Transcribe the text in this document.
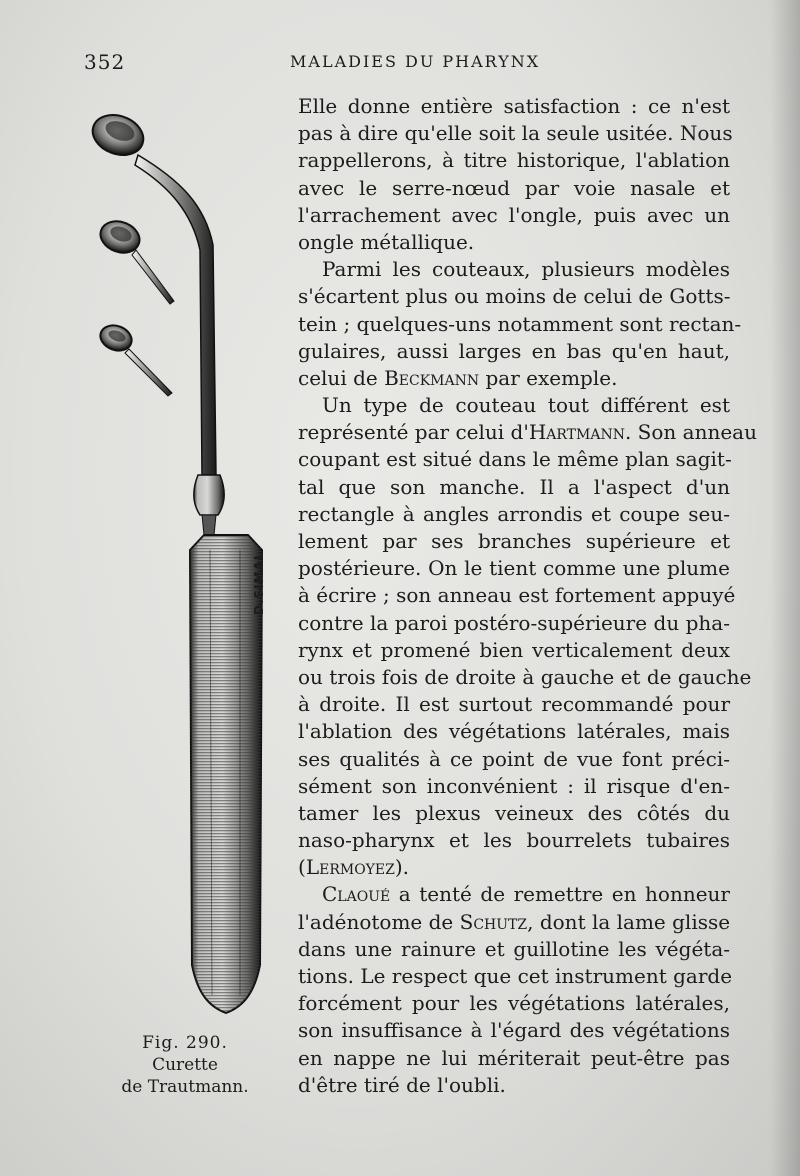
352	MALADIES DU PHARYNX
D.SIMAL
Fig. 290.
Curette
de Trautmann.
Elle donne entière satisfaction : ce n'est
pas à dire qu'elle soit la seule usitée. Nous
rappellerons, à titre historique, l'ablation
avec le serre-nœud par voie nasale et
l'arrachement avec l'ongle, puis avec un
ongle métallique.
Parmi les couteaux, plusieurs modèles
s'écartent plus ou moins de celui de Gotts-
tein ; quelques-uns notamment sont rectan-
gulaires, aussi larges en bas qu'en haut,
celui de Beckmann par exemple.
Un type de couteau tout différent est
représenté par celui d'Hartmann. Son anneau
coupant est situé dans le même plan sagit-
tal que son manche. Il a l'aspect d'un
rectangle à angles arrondis et coupe seu-
lement par ses branches supérieure et
postérieure. On le tient comme une plume
à écrire ; son anneau est fortement appuyé
contre la paroi postéro-supérieure du pha-
rynx et promené bien verticalement deux
ou trois fois de droite à gauche et de gauche
à droite. Il est surtout recommandé pour
l'ablation des végétations latérales, mais
ses qualités à ce point de vue font préci-
sément son inconvénient : il risque d'en-
tamer les plexus veineux des côtés du
naso-pharynx et les bourrelets tubaires
(Lermoyez).
Claoué a tenté de remettre en honneur
l'adénotome de Schutz, dont la lame glisse
dans une rainure et guillotine les végéta-
tions. Le respect que cet instrument garde
forcément pour les végétations latérales,
son insuffisance à l'égard des végétations
en nappe ne lui mériterait peut-être pas
d'être tiré de l'oubli.
